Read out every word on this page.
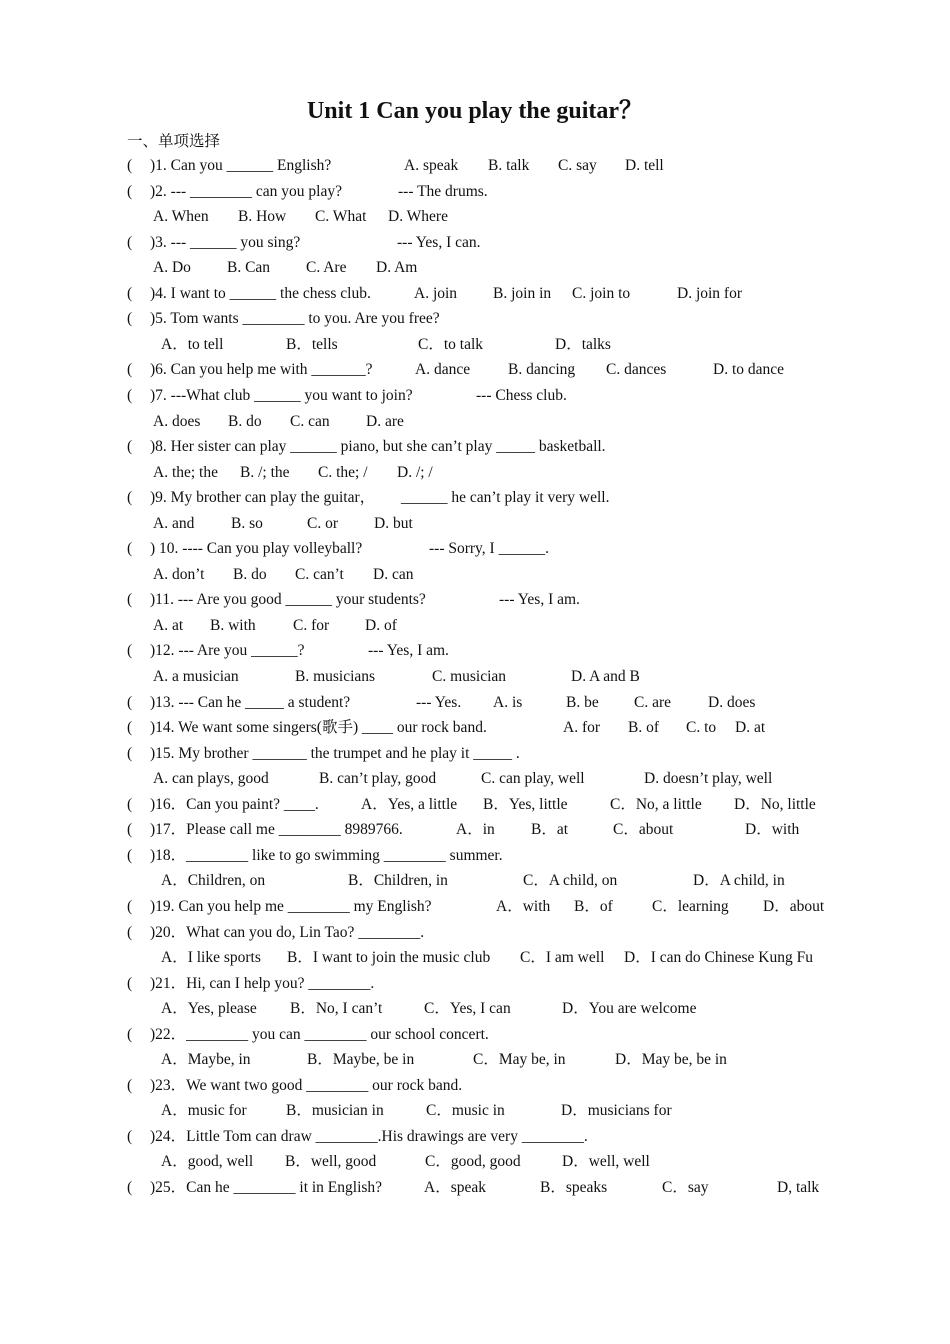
Unit 1 Can you play the guitar？
一、单项选择
( )1. Can you ______ English?	A. speak B. talk C. say D. tell
( )2. --- ________ can you play?	--- The drums.
A. When B. How C. What D. Where
( )3. --- ______ you sing?	--- Yes, I can.
A. Do B. Can C. Are D. Am
( )4. I want to ______ the chess club.	A. join B. join in C. join to	D. join for
( )5. Tom wants ________ to you. Are you free?
A．to tell	B．tells	C．to talk	D．talks
( )6. Can you help me with _______?	A. dance B. dancing C. dances	D. to dance
( )7. ---What club ______ you want to join?	--- Chess club.
A. does B. do C. can D. are
( )8. Her sister can play ______ piano, but she can’t play _____ basketball.
A. the; the B. /; the C. the; / D. /; /
( )9. My brother can play the guitar， ______ he can’t play it very well.
A. and B. so	C. or D. but
( ) 10. ---- Can you play volleyball?	--- Sorry, I ______.
A. don’t B. do C. can’t D. can
( )11. --- Are you good ______ your students?	--- Yes, I am.
A. at B. with C. for D. of
( )12. --- Are you ______?	--- Yes, I am.
A. a musician	B. musicians	C. musician	D. A and B
( )13. --- Can he _____ a student?	--- Yes. A. is	B. be C. are D. does
( )14. We want some singers(歌手) ____ our rock band.	A. for B. of C. to D. at
( )15. My brother _______ the trumpet and he play it _____ .
A. can plays, good	B. can’t play, good	C. can play, well	D. doesn’t play, well
( )16．Can you paint? ____.	A．Yes, a little B．Yes, little	C．No, a little D．No, little
( )17．Please call me ________ 8989766.	A．in B．at	C．about	D．with
( )18．________ like to go swimming ________ summer.
A．Children, on	B．Children, in	C．A child, on	D．A child, in
( )19. Can you help me ________ my English?	A．with B．of	C．learning D．about
( )20．What can you do, Lin Tao? ________.
A．I like sports B．I want to join the music club C．I am well D．I can do Chinese Kung Fu
( )21．Hi, can I help you? ________.
A．Yes, please B．No, I can’t	C．Yes, I can	D．You are welcome
( )22．________ you can ________ our school concert.
A．Maybe, in	B．Maybe, be in	C．May be, in	D．May be, be in
( )23．We want two good ________ our rock band.
A．music for	B．musician in	C．music in	D．musicians for
( )24．Little Tom can draw ________.His drawings are very ________.
A．good, well B．well, good	C．good, good	D．well, well
( )25．Can he ________ it in English?	A．speak	B．speaks	C．say	D, talk
